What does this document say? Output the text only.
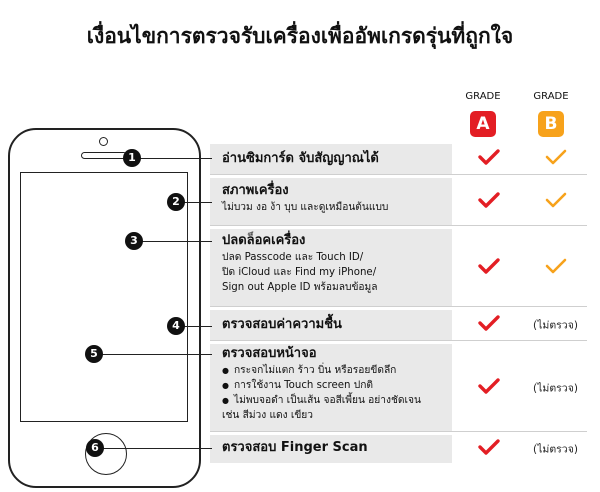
เงื่อนไขการตรวจรับเครื่องเพื่ออัพเกรดรุ่นที่ถูกใจ
1
2
3
4
5
6
GRADE
A
GRADE
B
อ่านซิมการ์ด จับสัญญาณได้
สภาพเครื่อง
ไม่บวม งอ ง้า บุบ และดูเหมือนต้นแบบ
ปลดล็อคเครื่อง
ปลด Passcode และ Touch ID/
ปิด iCloud และ Find my iPhone/
Sign out Apple ID พร้อมลบข้อมูล
ตรวจสอบค่าความชื้น	(ไม่ตรวจ)
ตรวจสอบหน้าจอ
● กระจกไม่แตก ร้าว บิ่น หรือรอยขีดลึก
● การใช้งาน Touch screen ปกติ
● ไม่พบจอดำ เป็นเส้น จอสีเพี้ยน อย่างชัดเจน
เช่น สีม่วง แดง เขียว
(ไม่ตรวจ)
ตรวจสอบ Finger Scan	(ไม่ตรวจ)
